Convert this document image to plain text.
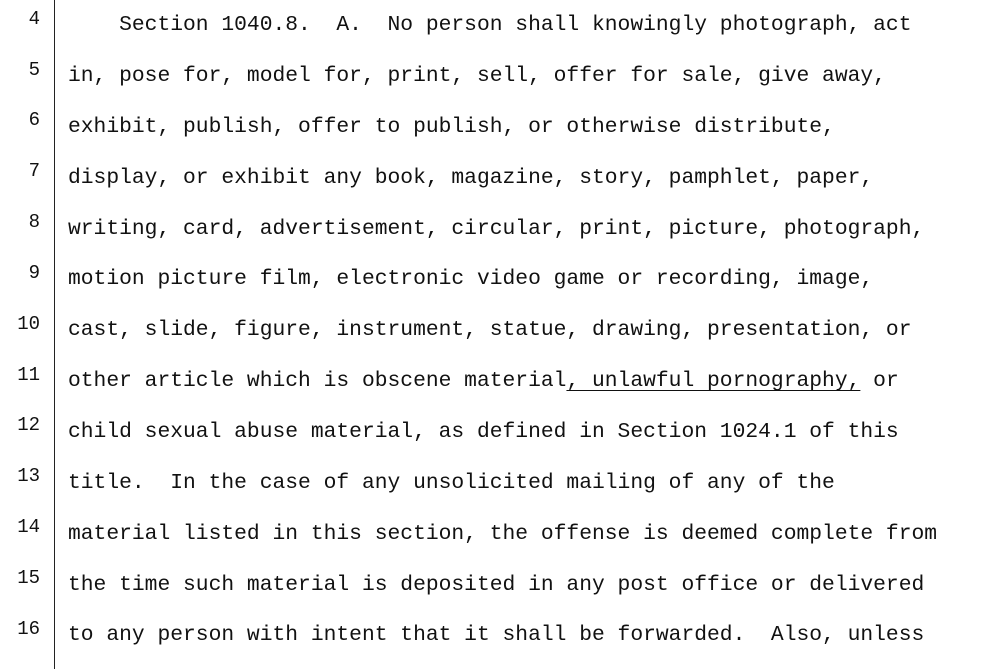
4
5
6
7
8
9
10
11
12
13
14
15
16
Section 1040.8.  A.  No person shall knowingly photograph, act
in, pose for, model for, print, sell, offer for sale, give away,
exhibit, publish, offer to publish, or otherwise distribute,
display, or exhibit any book, magazine, story, pamphlet, paper,
writing, card, advertisement, circular, print, picture, photograph,
motion picture film, electronic video game or recording, image,
cast, slide, figure, instrument, statue, drawing, presentation, or
other article which is obscene material, unlawful pornography, or
child sexual abuse material, as defined in Section 1024.1 of this
title.  In the case of any unsolicited mailing of any of the
material listed in this section, the offense is deemed complete from
the time such material is deposited in any post office or delivered
to any person with intent that it shall be forwarded.  Also, unless
